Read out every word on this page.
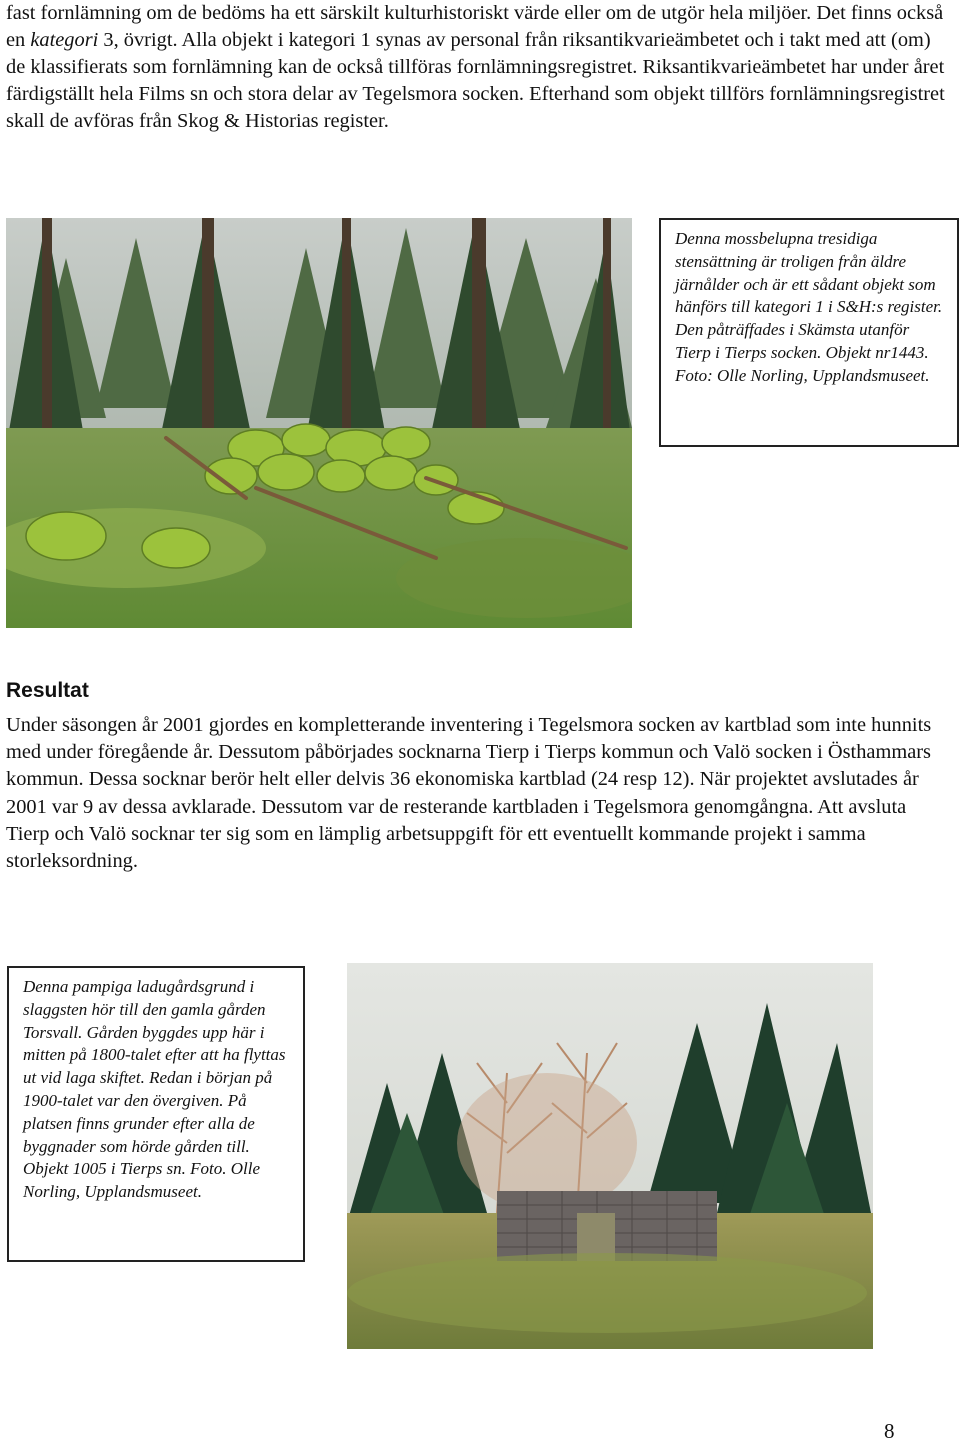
fast fornlämning om de bedöms ha ett särskilt kulturhistoriskt värde eller om de utgör hela miljöer. Det finns också en kategori 3, övrigt. Alla objekt i kategori 1 synas av personal från riksantikvarieämbetet och i takt med att (om) de klassifierats som fornlämning kan de också tillföras fornlämningsregistret. Riksantikvarieämbetet har under året färdigställt hela Films sn och stora delar av Tegelsmora socken. Efterhand som objekt tillförs fornlämningsregistret skall de avföras från Skog & Historias register.

Denna mossbelupna tresidiga stensättning är troligen från äldre järnålder och är ett sådant objekt som hänförs till kategori 1 i S&H:s register. Den påträffades i Skämsta utanför Tierp i Tierps socken. Objekt nr1443. Foto: Olle Norling, Upplandsmuseet.
Resultat

Under säsongen år 2001 gjordes en kompletterande inventering i Tegelsmora socken av kartblad som inte hunnits med under föregående år. Dessutom påbörjades socknarna Tierp i Tierps kommun och Valö socken i Östhammars kommun. Dessa socknar berör helt eller delvis 36 ekonomiska kartblad (24 resp 12). När projektet avslutades år 2001 var 9 av dessa avklarade. Dessutom var de resterande kartbladen i Tegelsmora genomgångna. Att avsluta Tierp och Valö socknar ter sig som en lämplig arbetsuppgift för ett eventuellt kommande projekt i samma storleksordning.

Denna pampiga ladugårdsgrund i slaggsten hör till den gamla gården Torsvall. Gården byggdes upp här i mitten på 1800-talet efter att ha flyttas ut vid laga skiftet. Redan i början på 1900-talet var den övergiven. På platsen finns grunder efter alla de byggnader som hörde gården till. Objekt 1005 i Tierps sn. Foto. Olle Norling, Upplandsmuseet.
8
